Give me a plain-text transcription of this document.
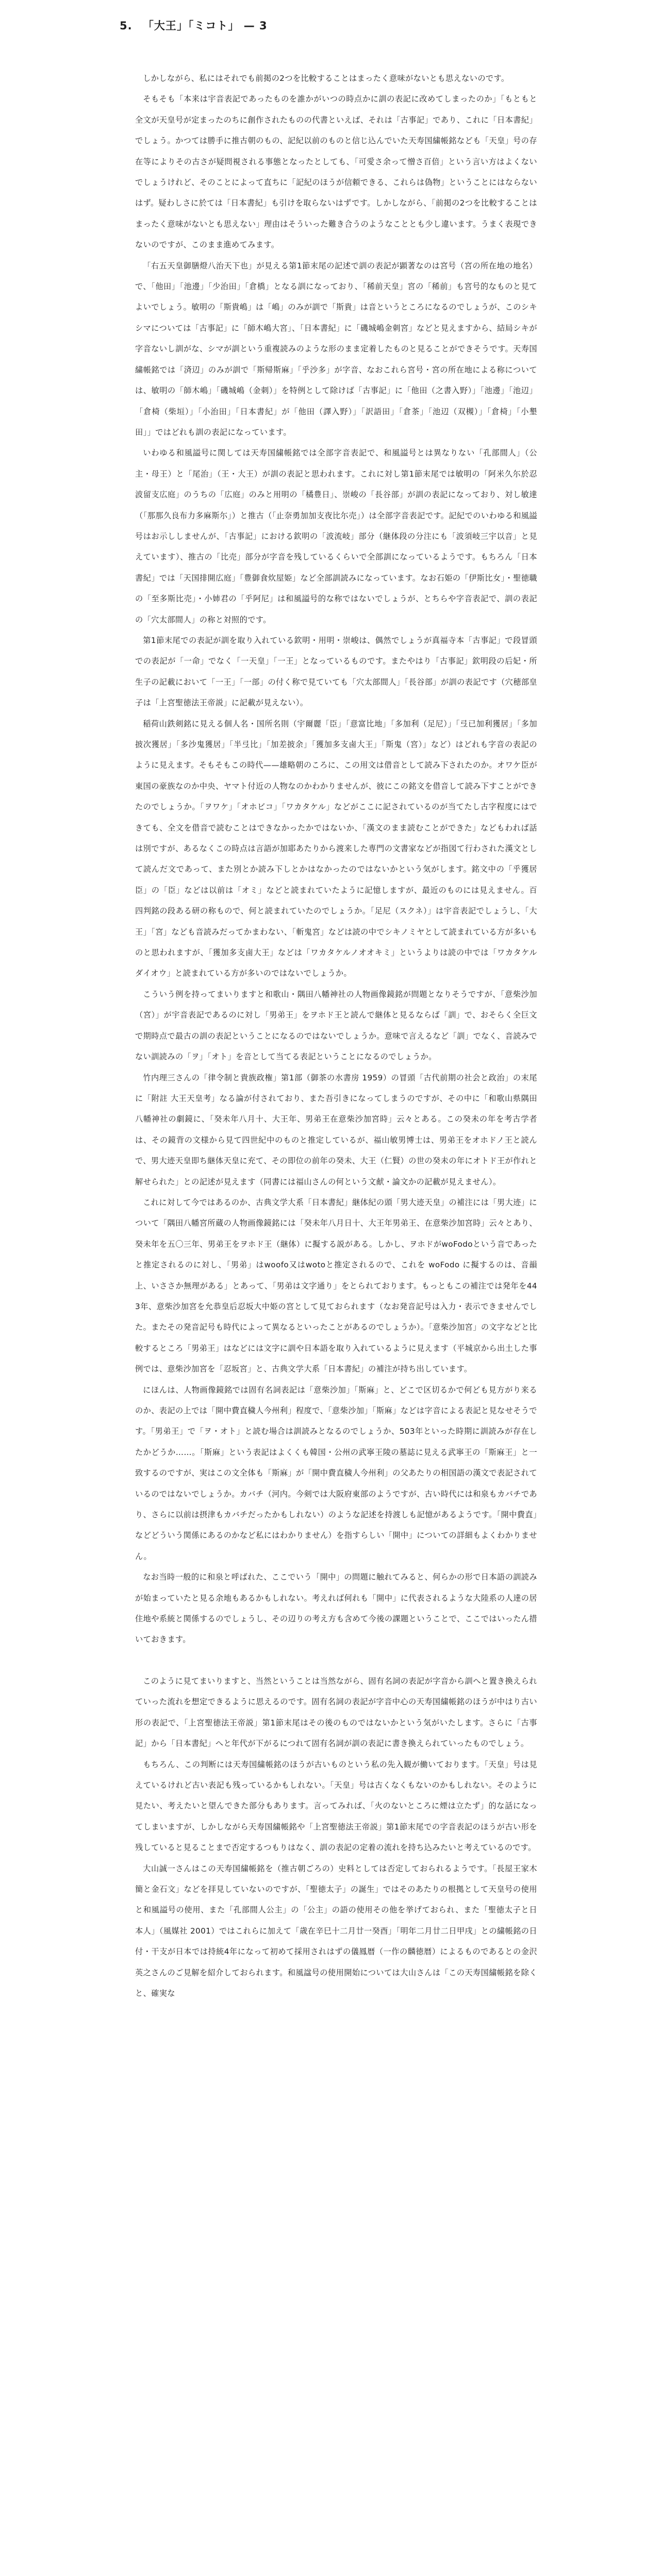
5. 「大王」「ミコト」 — 3

しかしながら、私にはそれでも前掲の2つを比較することはまったく意味がないとも思えないのです。

そもそも「本来は宇音表記であったものを誰かがいつの時点かに訓の表記に改めてしまったのか」「もともと全文が天皇号が定まったのちに創作されたものの代書といえば、それは「古事記」であり、これに「日本書紀」でしょう。かつては勝手に推古朝のもの、記紀以前のものと信じ込んでいた天寿国繍帳銘なども「天皇」号の存在等によりその古さが疑問視される事態となったとしても、「可愛さ余って憎さ百倍」という言い方はよくないでしょうけれど、そのことによって直ちに「記紀のほうが信頼できる、これらは偽物」ということにはならないはず。疑わしさに於ては「日本書紀」も引けを取らないはずです。しかしながら、「前掲の2つを比較することはまったく意味がないとも思えない」理由はそういった難き合うのようなこととも少し違います。うまく表現できないのですが、このまま進めてみます。

「右五天皇御膳燈八治天下也」が見える第1節末尾の記述で訓の表記が顕著なのは宮号（宮の所在地の地名）で、「他田」「池邊」「少治田」「倉橋」となる訓になっており、「稀前天皇」宮の「稀前」も宮号的なものと見てよいでしょう。敏明の「斯貴嶋」は「嶋」のみが訓で「斯貴」は音というところになるのでしょうが、このシキシマについては「古事記」に「師木嶋大宮」、「日本書紀」に「磯城嶋金刺宮」などと見えますから、結局シキが字音ないし訓がな、シマが訓という重複読みのような形のまま定着したものと見ることができそうです。天寿国繍帳銘では「済辺」のみが訓で「斯帰斯麻」「乎沙多」が字音、なおこれら宮号・宮の所在地による称については、敏明の「師木嶋」「磯城嶋（金刺）」を特例として除けば「古事記」に「他田（之書入野）」「池邊」「池辺」「倉椅（柴垣）」「小治田」「日本書紀」が「他田（譯入野）」「訳語田」「倉茶」「池辺（双槻）」「倉椅」「小墾田」」ではどれも訓の表記になっています。

いわゆる和風謚号に関しては天寿国繍帳銘では全部字音表記で、和風謚号とは異なりない「孔部間人」（公主・母王）と「尾治」（王・大王）が訓の表記と思われます。これに対し第1節末尾では敏明の「阿米久尓於忍波留支広庭」のうちの「広庭」のみと用明の「橘豊日」、崇峻の「長谷部」が訓の表記になっており、対し敏達（「那那久良布力多麻斯尓」）と推古（「止奈勇加加支夜比尓売」）は全部字音表記です。記紀でのいわゆる和風謚号はお示ししませんが、「古事記」における欽明の「波流岐」部分（継体段の分注にも「波須岐三宇以音」と見えています）、推古の「比売」部分が字音を残しているくらいで全部訓になっているようです。もちろん「日本書紀」では「天国排開広庭」「豊御食炊屋姫」など全部訓読みになっています。なお石姫の「伊斯比女」・聖徳職の「至多斯比売」・小姉君の「乎阿尼」は和風謚号的な称ではないでしょうが、とちらや字音表記で、訓の表記の「穴太部間人」の称と対照的です。

第1節末尾での表記が訓を取り入れている欽明・用明・崇峻は、偶然でしょうが真福寺本「古事記」で段冒頭での表記が「一命」でなく「一天皇」「一王」となっているものです。またやはり「古事記」欽明段の后妃・所生子の記載において「一王」「一部」の付く称で見ていても「穴太部間人」「長谷部」が訓の表記です（穴穂部皇子は「上宮聖徳法王帝説」に記載が見えない）。

稲荷山鉄剣銘に見える個人名・国所名則（宇爾麗「臣」「意富比地」「多加利（足尼）」「弖已加利獲居」「多加披次獲居」「多沙鬼獲居」「半弖比」「加差披余」「獲加多支鹵大王」「斯鬼（宮）」など）はどれも字音の表記のように見えます。そもそもこの時代——雄略朝のころに、この用文は借音として読み下されたのか。オワケ臣が東国の豪族なのか中央、ヤマト付近の人物なのかわかりませんが、彼にこの銘文を借音して読み下すことができたのでしょうか。「ヲワケ」「オホビコ」「ワカタケル」などがここに記されているのが当てたし古字程度にはできても、全文を借音で読むことはできなかったかではないか、「漢文のまま読むことができた」などもわれば話は別ですが、あるなくこの時点は言語が加耶あたりから渡来した専門の文書家などが指図て行わされた漢文として読んだ文であって、また別とか読み下しとかはなかったのではないかという気がします。銘文中の「乎獲居臣」の「臣」などは以前は「オミ」などと読まれていたように記憶しますが、最近のものには見えません。百四判銘の段ある研の称もので、何と読まれていたのでしょうか。「足尼（スクネ）」は宇音表記でしょうし、「大王」「宮」なども音読みだってかまわない、「斬鬼宮」などは読の中でシキノミヤとして読まれている方が多いものと思われますが、「獲加多支鹵大王」などは「ワカタケルノオオキミ」というよりは読の中では「ワカタケルダイオウ」と読まれている方が多いのではないでしょうか。

こういう例を持ってまいりますと和歌山・隅田八幡神社の人物画像鏡銘が問題となりそうですが、「意柴沙加（宮）」が宇音表記であるのに対し「男弟王」をヲホド王と読んで継体と見るならば「訓」で、おそらく全巨文で期時点で最古の訓の表記ということになるのではないでしょうか。意味で言えるなど「訓」でなく、音読みでない訓読みの「ヲ」「オト」を音として当てる表記ということになるのでしょうか。

竹内理三さんの「律令制と貴族政権」第1部（御茶の水書房 1959）の冒頭「古代前期の社会と政治」の末尾に「附註 大王天皇考」なる論が付されており、また吾引きになってしまうのですが、その中に「和歌山県隅田八幡神社の劇鏡に、「癸未年八月十、大王年、男弟王在意柴沙加宮時」云々とある。この癸未の年を考古学者は、その鏡背の文様から見て四世紀中のものと推定しているが、福山敏男博士は、男弟王をオホドノ王と読んで、男大迹天皇即ち継体天皇に充て、その即位の前年の癸未、大王（仁賢）の世の癸未の年にオトド王が作れと解せられた」との記述が見えます（同書には福山さんの何という文献・論文かの記載が見えません）。

これに対して今ではあるのか、古典文学大系「日本書紀」継体紀の頭「男大迹天皇」の補注には「男大迹」について「隅田八幡宮所蔵の人物画像鏡銘には「癸未年八月日十、大王年男弟王、在意柴沙加宮時」云々とあり、癸未年を五〇三年、男弟王をヲホド王（継体）に擬する説がある。しかし、ヲホドがwoFodoという音であったと推定されるのに対し、「男弟」はwoofo又はwotoと推定されるので、これを woFodo に擬するのは、音韻上、いささか無理がある」とあって、「男弟は文字通り」をとられております。もっともこの補注では発年を443年、意柴沙加宮を允恭皇后忍坂大中姫の宮として見ておられます（なお発音記号は入力・表示できませんでした。またその発音記号も時代によって異なるといったことがあるのでしょうか）。「意柴沙加宮」の文字などと比較するところ「男弟王」はなどには文字に訓や日本語を取り入れているように見えます（平城京から出土した事例では、意柴沙加宮を「忍坂宮」と、古典文学大系「日本書紀」の補注が持ち出しています。

にほんは、人物画像鏡銘では固有名詞表記は「意柴沙加」「斯麻」と、どこで区切るかで何ども見方がり来るのか、表記の上では「開中費直穢人今州利」程度で、「意柴沙加」「斯麻」などは字音による表記と見なせそうです。「男弟王」で「ヲ・オト」と読む場合は訓読みとなるのでしょうか、503年といった時期に訓読みが存在したかどうか……。「斯麻」という表記はよくくも韓国・公州の武寧王陵の墓誌に見える武寧王の「斯麻王」と一致するのですが、実はこの文全体も「斯麻」が「開中費直穢人今州利」の父あたりの相国語の漢文で表記されているのではないでしょうか。カバチ（河内。今剣では大阪府東部のようですが、古い時代には和泉もカバチであり、さらに以前は摂津もカバチだったかもしれない）のような記述を持渡しも記憶があるようです。「開中費直」などどういう関係にあるのかなど私にはわかりません）を指すらしい「開中」についての詳細もよくわかりません。

なお当時一般的に和泉と呼ばれた、ここでいう「開中」の問題に触れてみると、何らかの形で日本語の訓読みが始まっていたと見る余地もあるかもしれない。考えれば何れも「開中」に代表されるような大陸系の人達の居住地や系統と関係するのでしょうし、その辺りの考え方も含めて今後の課題ということで、ここではいったん措いておきます。

このように見てまいりますと、当然ということは当然ながら、固有名詞の表記が字音から訓へと置き換えられていった流れを想定できるように思えるのです。固有名詞の表記が字音中心の天寿国繍帳銘のほうが中はり古い形の表記で、「上宮聖徳法王帝説」第1節末尾はその後のものではないかという気がいたします。さらに「古事記」から「日本書紀」へと年代が下がるにつれて固有名詞が訓の表記に書き換えられていったものでしょう。

もちろん、この判断には天寿国繍帳銘のほうが古いものという私の先入観が働いております。「天皇」号は見えているけれど古い表記も残っているかもしれない。「天皇」号は古くなくもないのかもしれない。そのように見たい、考えたいと望んできた部分もあります。言ってみれば、「火のないところに煙は立たず」的な話になってしまいますが、しかしながら天寿国繍帳銘や「上宮聖徳法王帝説」第1節末尾での字音表記のほうが古い形を残していると見ることまで否定するつもりはなく、訓の表記の定着の流れを持ち込みたいと考えているのです。

大山誠一さんはこの天寿国繍帳銘を（推古朝ごろの）史料としては否定しておられるようです。「長屋王家木簡と金石文」などを拝見していないのですが、「聖徳太子」の誕生」ではそのあたりの根拠として天皇号の使用と和風謚号の使用、また「孔部間人公主」の「公主」の語の使用その他を挙げておられ、また「聖徳太子と日本人」（風媒社 2001）ではこれらに加えて「歳在辛巳十二月廿一癸酉」「明年二月廿二日甲戌」との繍帳銘の日付・干支が日本では持統4年になって初めて採用されはずの儀鳳暦（一作の麟徳暦）によるものであるとの金沢英之さんのご見解を紹介しておられます。和風諡号の使用開始については大山さんは「この天寿国繍帳銘を除くと、確実な
